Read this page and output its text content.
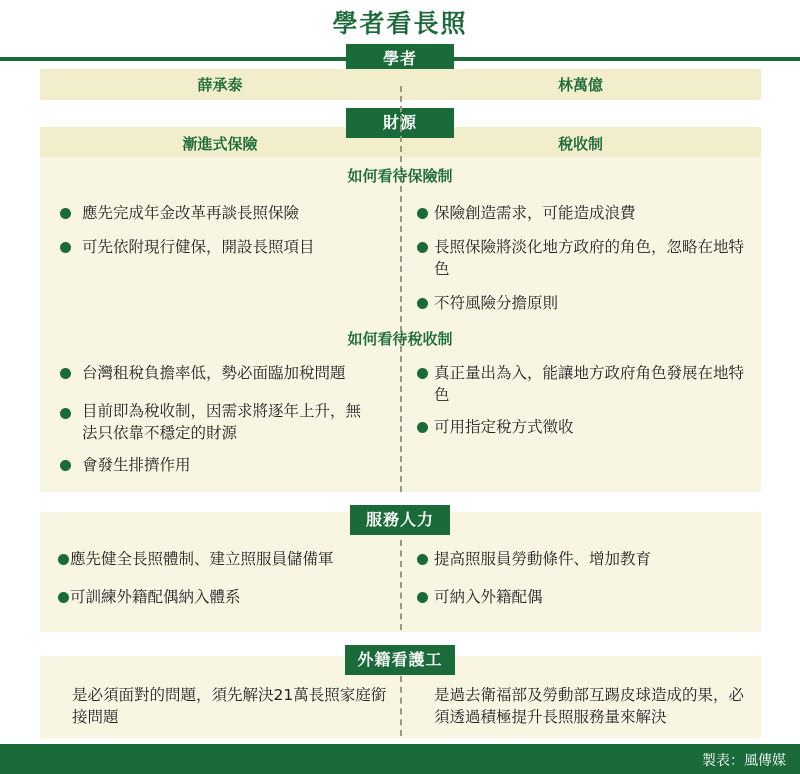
學者看長照
學者
薛承泰	林萬億
財源
漸進式保險	稅收制
如何看待保險制
應先完成年金改革再談長照保險
可先依附現行健保，開設長照項目
保險創造需求，可能造成浪費
長照保險將淡化地方政府的角色，忽略在地特色
不符風險分擔原則
如何看待稅收制
台灣租稅負擔率低，勢必面臨加稅問題
目前即為稅收制，因需求將逐年上升，無法只依靠不穩定的財源
會發生排擠作用
真正量出為入，能讓地方政府角色發展在地特色
可用指定稅方式徵收
服務人力
應先健全長照體制、建立照服員儲備軍
可訓練外籍配偶納入體系
提高照服員勞動條件、增加教育
可納入外籍配偶
外籍看護工
是必須面對的問題，須先解決21萬長照家庭銜接問題
是過去衛福部及勞動部互踢皮球造成的果，必須透過積極提升長照服務量來解決
製表：風傳媒
